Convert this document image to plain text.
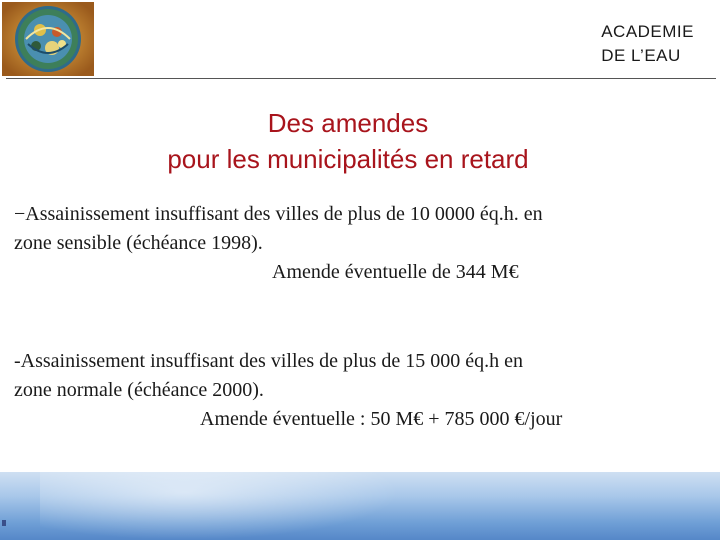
ACADEMIE
DE L’EAU
Des amendes
pour les municipalités en retard
−Assainissement insuffisant des villes de plus de 10 0000 éq.h. en
zone sensible (échéance 1998).
Amende éventuelle de 344 M€
-Assainissement insuffisant des villes de plus de 15 000 éq.h en
zone normale (échéance 2000).
Amende éventuelle : 50 M€ + 785 000 €/jour
